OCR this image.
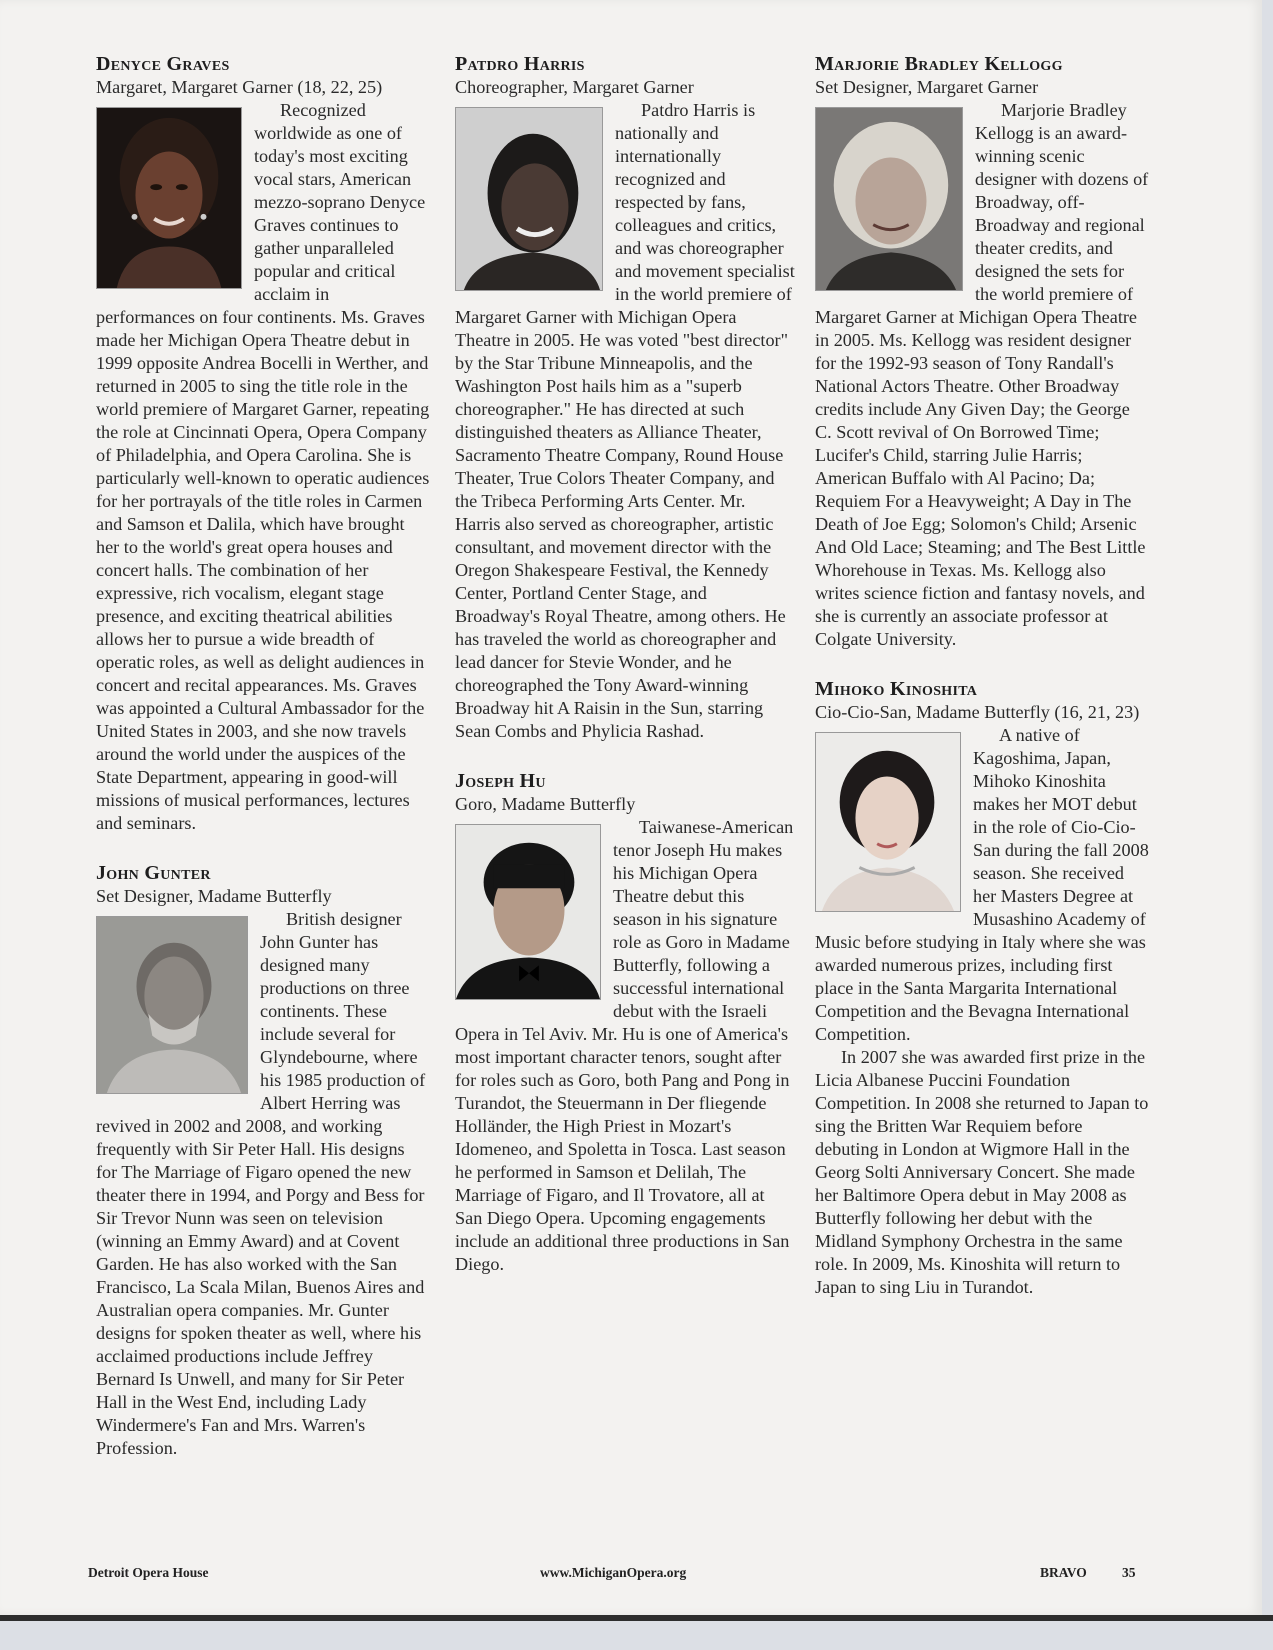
Denyce Graves
Margaret, Margaret Garner (18, 22, 25)

Recognized worldwide as one of today's most exciting vocal stars, American mezzo-soprano Denyce Graves continues to gather unparalleled popular and critical acclaim in performances on four continents. Ms. Graves made her Michigan Opera Theatre debut in 1999 opposite Andrea Bocelli in Werther, and returned in 2005 to sing the title role in the world premiere of Margaret Garner, repeating the role at Cincinnati Opera, Opera Company of Philadelphia, and Opera Carolina. She is particularly well-known to operatic audiences for her portrayals of the title roles in Carmen and Samson et Dalila, which have brought her to the world's great opera houses and concert halls. The combination of her expressive, rich vocalism, elegant stage presence, and exciting theatrical abilities allows her to pursue a wide breadth of operatic roles, as well as delight audiences in concert and recital appearances. Ms. Graves was appointed a Cultural Ambassador for the United States in 2003, and she now travels around the world under the auspices of the State Department, appearing in good-will missions of musical performances, lectures and seminars.

John Gunter
Set Designer, Madame Butterfly

British designer John Gunter has designed many productions on three continents. These include several for Glyndebourne, where his 1985 production of Albert Herring was revived in 2002 and 2008, and working frequently with Sir Peter Hall. His designs for The Marriage of Figaro opened the new theater there in 1994, and Porgy and Bess for Sir Trevor Nunn was seen on television (winning an Emmy Award) and at Covent Garden. He has also worked with the San Francisco, La Scala Milan, Buenos Aires and Australian opera companies. Mr. Gunter designs for spoken theater as well, where his acclaimed productions include Jeffrey Bernard Is Unwell, and many for Sir Peter Hall in the West End, including Lady Windermere's Fan and Mrs. Warren's Profession.

Patdro Harris
Choreographer, Margaret Garner

Patdro Harris is nationally and internationally recognized and respected by fans, colleagues and critics, and was choreographer and movement specialist in the world premiere of Margaret Garner with Michigan Opera Theatre in 2005. He was voted "best director" by the Star Tribune Minneapolis, and the Washington Post hails him as a "superb choreographer." He has directed at such distinguished theaters as Alliance Theater, Sacramento Theatre Company, Round House Theater, True Colors Theater Company, and the Tribeca Performing Arts Center. Mr. Harris also served as choreographer, artistic consultant, and movement director with the Oregon Shakespeare Festival, the Kennedy Center, Portland Center Stage, and Broadway's Royal Theatre, among others. He has traveled the world as choreographer and lead dancer for Stevie Wonder, and he choreographed the Tony Award-winning Broadway hit A Raisin in the Sun, starring Sean Combs and Phylicia Rashad.

Joseph Hu
Goro, Madame Butterfly

Taiwanese-American tenor Joseph Hu makes his Michigan Opera Theatre debut this season in his signature role as Goro in Madame Butterfly, following a successful international debut with the Israeli Opera in Tel Aviv. Mr. Hu is one of America's most important character tenors, sought after for roles such as Goro, both Pang and Pong in Turandot, the Steuermann in Der fliegende Holländer, the High Priest in Mozart's Idomeneo, and Spoletta in Tosca. Last season he performed in Samson et Delilah, The Marriage of Figaro, and Il Trovatore, all at San Diego Opera. Upcoming engagements include an additional three productions in San Diego.

Marjorie Bradley Kellogg
Set Designer, Margaret Garner

Marjorie Bradley Kellogg is an award-winning scenic designer with dozens of Broadway, off-Broadway and regional theater credits, and designed the sets for the world premiere of Margaret Garner at Michigan Opera Theatre in 2005. Ms. Kellogg was resident designer for the 1992-93 season of Tony Randall's National Actors Theatre. Other Broadway credits include Any Given Day; the George C. Scott revival of On Borrowed Time; Lucifer's Child, starring Julie Harris; American Buffalo with Al Pacino; Da; Requiem For a Heavyweight; A Day in The Death of Joe Egg; Solomon's Child; Arsenic And Old Lace; Steaming; and The Best Little Whorehouse in Texas. Ms. Kellogg also writes science fiction and fantasy novels, and she is currently an associate professor at Colgate University.

Mihoko Kinoshita
Cio-Cio-San, Madame Butterfly (16, 21, 23)

A native of Kagoshima, Japan, Mihoko Kinoshita makes her MOT debut in the role of Cio-Cio-San during the fall 2008 season. She received her Masters Degree at Musashino Academy of Music before studying in Italy where she was awarded numerous prizes, including first place in the Santa Margarita International Competition and the Bevagna International Competition.

In 2007 she was awarded first prize in the Licia Albanese Puccini Foundation Competition. In 2008 she returned to Japan to sing the Britten War Requiem before debuting in London at Wigmore Hall in the Georg Solti Anniversary Concert. She made her Baltimore Opera debut in May 2008 as Butterfly following her debut with the Midland Symphony Orchestra in the same role. In 2009, Ms. Kinoshita will return to Japan to sing Liu in Turandot.

Detroit Opera House	www.MichiganOpera.org	BRAVO	35
